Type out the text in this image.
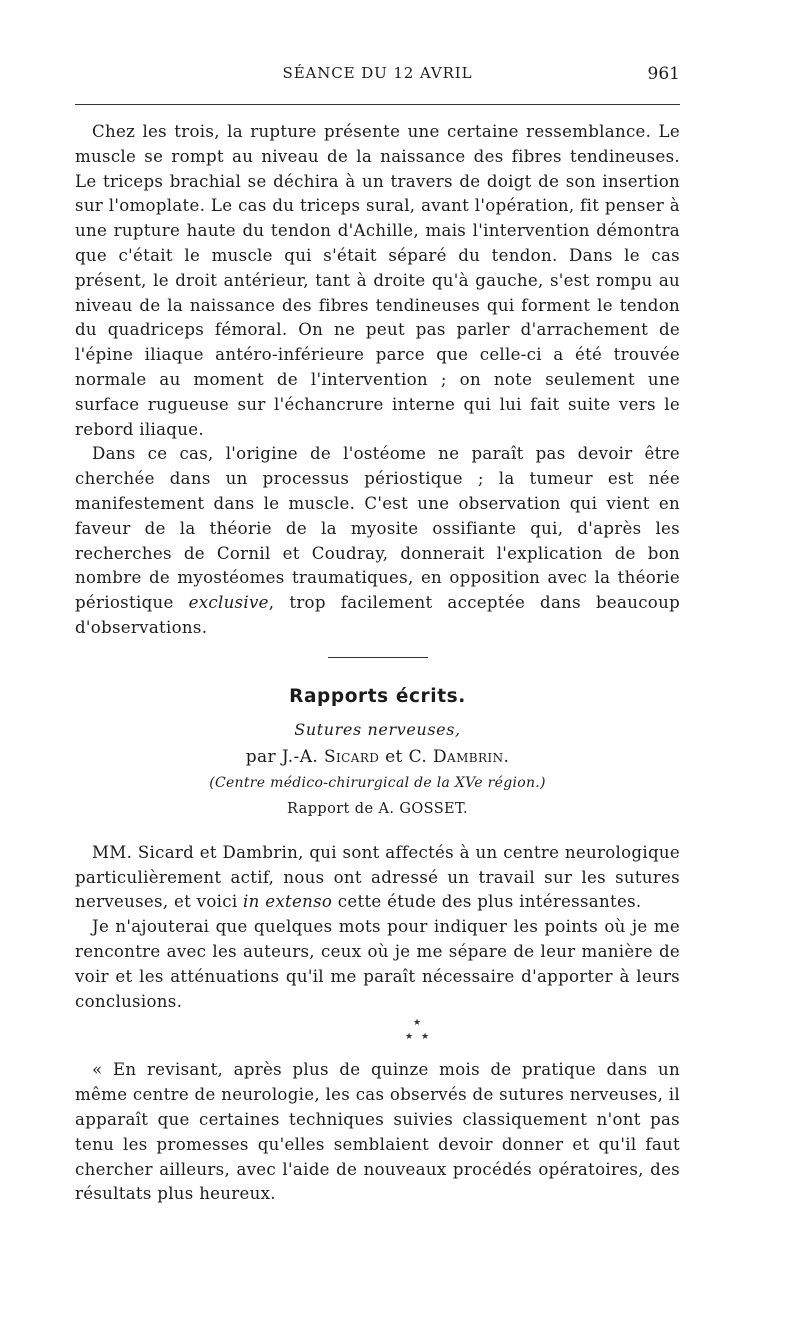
SÉANCE DU 12 AVRIL	961

Chez les trois, la rupture présente une certaine ressemblance. Le muscle se rompt au niveau de la naissance des fibres tendineuses. Le triceps brachial se déchira à un travers de doigt de son insertion sur l'omoplate. Le cas du triceps sural, avant l'opération, fit penser à une rupture haute du tendon d'Achille, mais l'intervention démontra que c'était le muscle qui s'était séparé du tendon. Dans le cas présent, le droit antérieur, tant à droite qu'à gauche, s'est rompu au niveau de la naissance des fibres tendineuses qui forment le tendon du quadriceps fémoral. On ne peut pas parler d'arrachement de l'épine iliaque antéro-inférieure parce que celle-ci a été trouvée normale au moment de l'intervention ; on note seulement une surface rugueuse sur l'échancrure interne qui lui fait suite vers le rebord iliaque.

Dans ce cas, l'origine de l'ostéome ne paraît pas devoir être cherchée dans un processus périostique ; la tumeur est née manifestement dans le muscle. C'est une observation qui vient en faveur de la théorie de la myosite ossifiante qui, d'après les recherches de Cornil et Coudray, donnerait l'explication de bon nombre de myostéomes traumatiques, en opposition avec la théorie périostique exclusive, trop facilement acceptée dans beaucoup d'observations.

Rapports écrits.

Sutures nerveuses,

par J.-A. Sicard et C. Dambrin.

(Centre médico-chirurgical de la XVe région.)

Rapport de A. GOSSET.

MM. Sicard et Dambrin, qui sont affectés à un centre neurologique particulièrement actif, nous ont adressé un travail sur les sutures nerveuses, et voici in extenso cette étude des plus intéressantes.

Je n'ajouterai que quelques mots pour indiquer les points où je me rencontre avec les auteurs, ceux où je me sépare de leur manière de voir et les atténuations qu'il me paraît nécessaire d'apporter à leurs conclusions.

★
★ ★

« En revisant, après plus de quinze mois de pratique dans un même centre de neurologie, les cas observés de sutures nerveuses, il apparaît que certaines techniques suivies classiquement n'ont pas tenu les promesses qu'elles semblaient devoir donner et qu'il faut chercher ailleurs, avec l'aide de nouveaux procédés opératoires, des résultats plus heureux.
